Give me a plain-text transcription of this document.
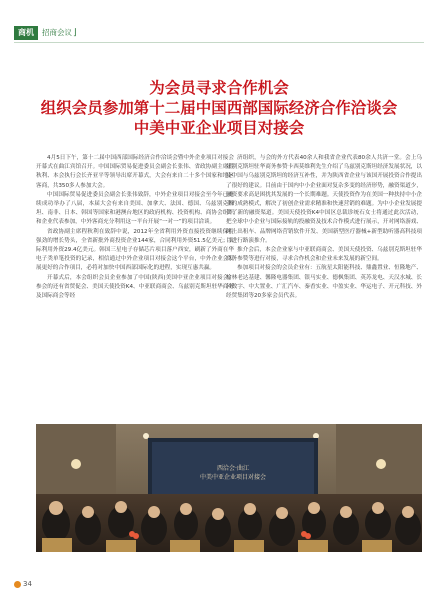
商机	招商会议⌋
为会员寻求合作机会
组织会员参加第十二届中国西部国际经济合作洽谈会
中美中亚企业项目对接会

4月5日下午，第十二届中国西部国际经济合作洽谈会暨中外企业项目对接会开幕式在曲江宾馆召开。中国国际贸易促进委员会副会长张伟、省政协副主席程秋利、本会执行会长齐亚平等领导出席开幕式，大会有来自二十多个国家和地区客商，共350多人参加大会。

中国国际贸易促进委员会副会长张伟致辞，中外企业项目对接会至今年已连续成功举办了八届，本届大会有来自美国、加拿大、法国、德国、乌兹别克斯坦、南非、日本、韩国等国家和港澳台地区的政府机构、投资机构、商协会组织和企业代表参加，中外客商充分利用这一平台开展“一对一”的项目洽谈。

省政协副主席程秋利在致辞中说，2012年全省利用外资直接投资继续保持强劲的增长势头，全省新批外商投资企业144家，合同利用外资51.5亿美元；实际利用外资29.4亿美元。韩国三星电子存储芯片项目落户西安，刷新了外商在华电子类单笔投资的记录，相信通过中外企业项目对接会这个平台，中外企业会发展更好的合作项目，必将对加快中国西部国际化的进程，实现互惠共赢。

开幕式后，本会组织会员企业参加了中国(陕西)美国中亚企业项目对接会，参会的还有省贸促会、美国天使投资K4、中亚联商商会、乌兹别克斯坦驻华商务及国际商会等经

济组织，与会的外方代表40余人和我省企业代表80余人共济一堂。会上乌兹别克斯坦驻华商务参赞卡西莫维利先生介绍了乌兹别克斯坦经济发展状况，以及中国与乌兹别克斯坦的经济互补性，并为陕西省企业与该国开展投资合作提出了很好的建议。目前由于国内中小企业面对复杂多变的经济形势，融资渠道少，融资要求高是困扰其发展的一个长期难题。天使投资作为在美国一种扶持中小企业的成熟模式，解决了初创企业需求精准和快速营销的难题。为中小企业发展提供了新的融资渠道。美国天使投资K4中国区总裁诊统石女士将通过此次活动，把全球中小企业与国际接轨的投融资及技术合作模式进行展示，开对网络游戏、网上出租车、品牌网络营销软件开发、美国新型医疗器械+新型助听器高科技项目进行路演推介。

推介会后，本会企业家与中亚联商商会、美国天使投资、乌兹别克斯坦驻华商务参赞等进行对接，寻求合作机会和企业未来发展的新空间。

参加项目对接会的会员企业有：五航星太阳能科技、鼎鑫置业、恒隆地产、榆林老达基建、馨隆电器集团、银马实业、德枫集团、英苏龙电、天汉水城、长风数字、中大置业、广汇汽车、秦香实业、中盈实业、华运电子、开元科技、外经贸集团等20多家会员代表。

西洽会·曲江
中美中亚企业项目对接会
34
